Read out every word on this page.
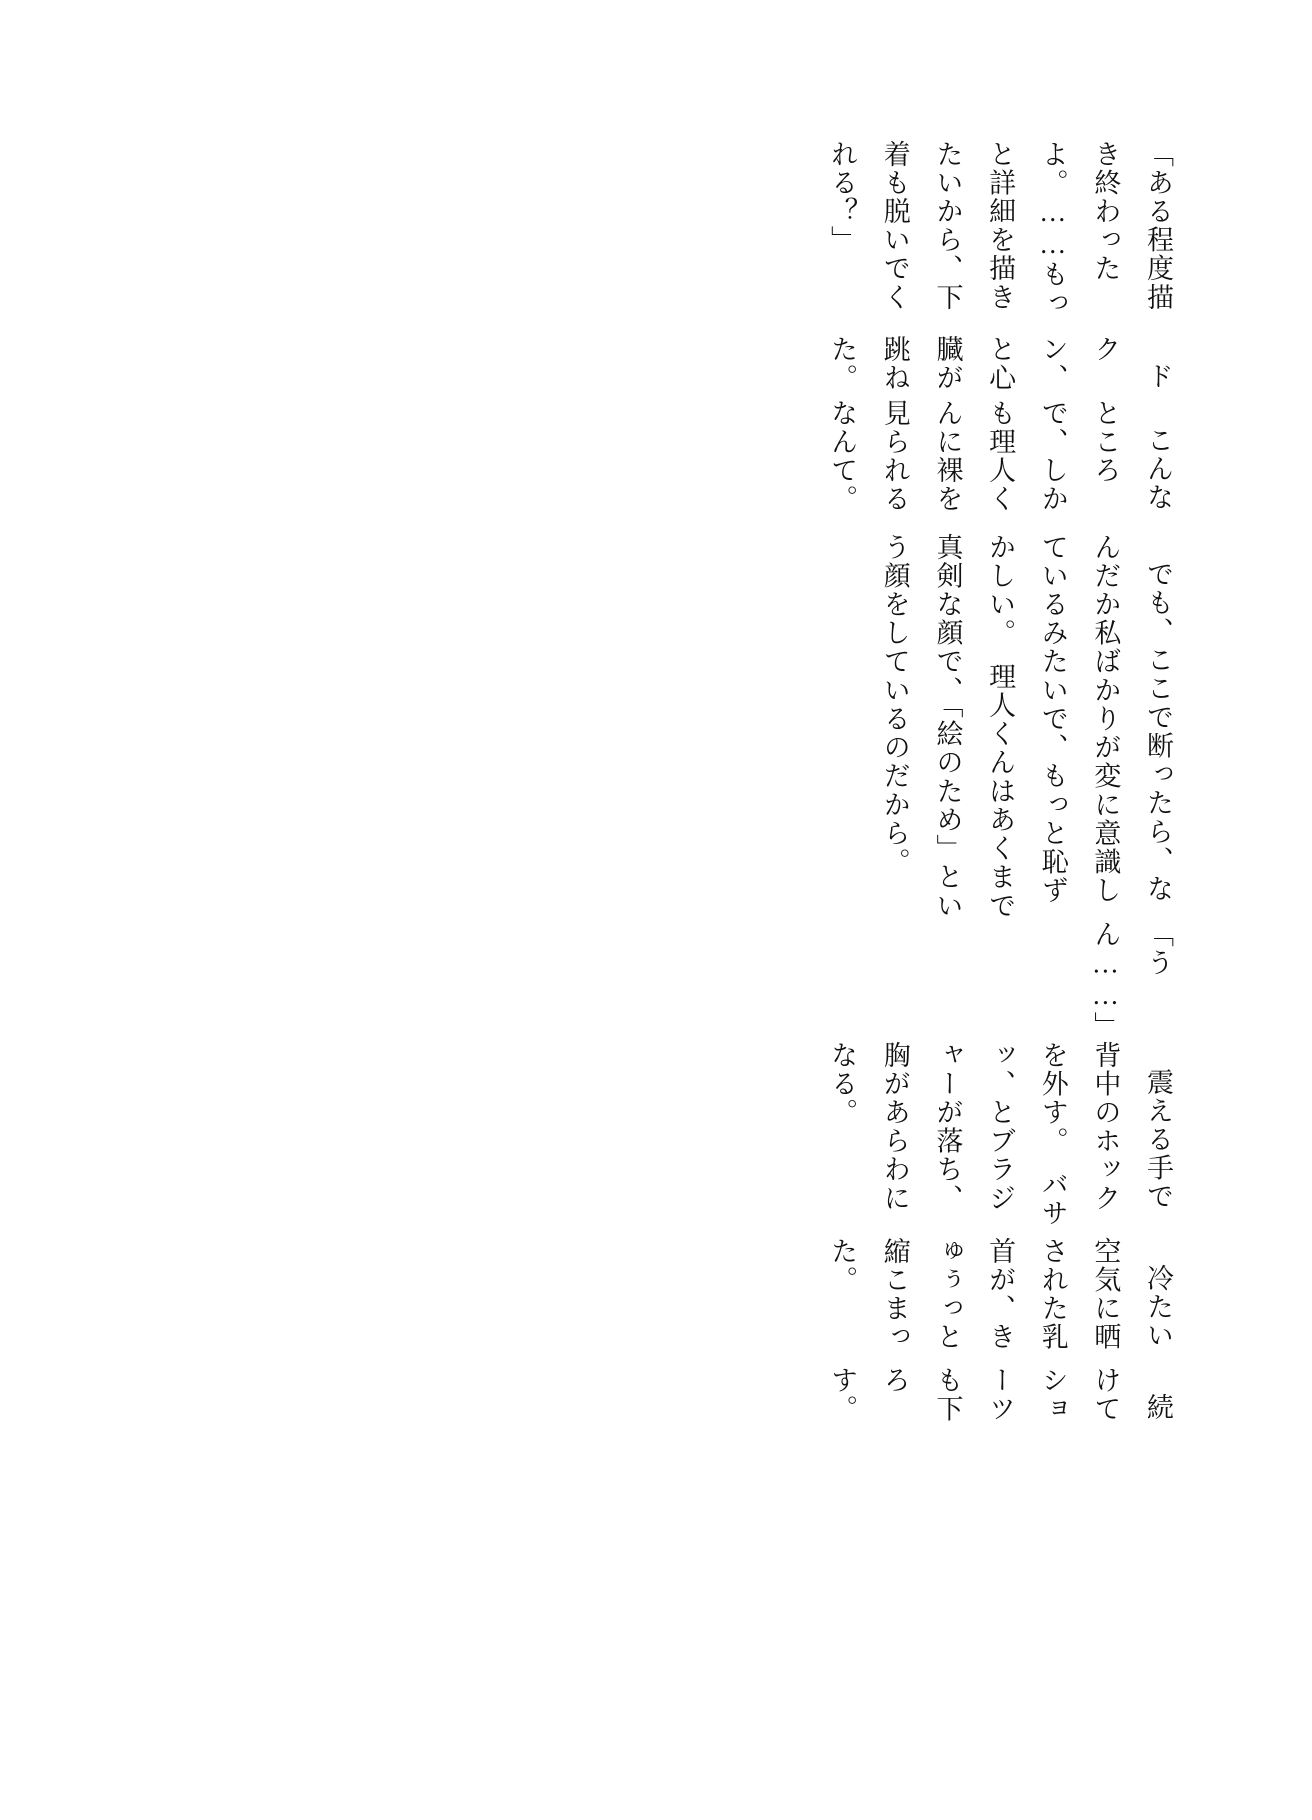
「ある程度描き終わったよ。……もっと詳細を描きたいから、下着も脱いでくれる？」

ドクン、と心臓が跳ねた。

こんなところで、しかも理人くんに裸を見られるなんて。

でも、ここで断ったら、なんだか私ばかりが変に意識しているみたいで、もっと恥ずかしい。　理人くんはあくまで真剣な顔で、「絵のため」という顔をしているのだから。

「うん……」

震える手で背中のホックを外す。　バサッ、とブラジャーが落ち、胸があらわになる。

冷たい空気に晒された乳首が、きゅぅっと縮こまった。

続けてショーツも下ろす。
